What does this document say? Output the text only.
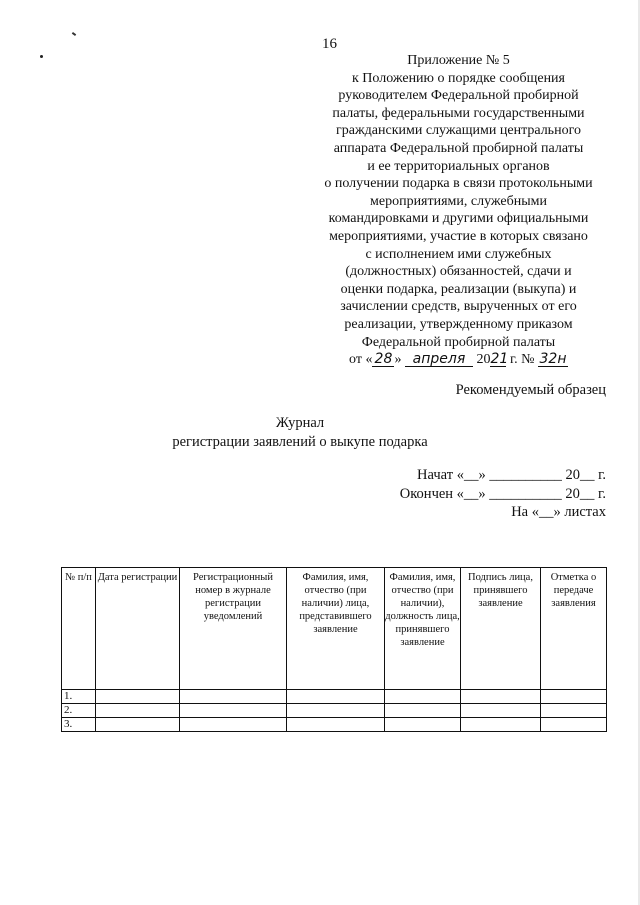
16
Приложение № 5
к Положению о порядке сообщения
руководителем Федеральной пробирной
палаты, федеральными государственными
гражданскими служащими центрального
аппарата Федеральной пробирной палаты
и ее территориальных органов
о получении подарка в связи протокольными
мероприятиями, служебными
командировками и другими официальными
мероприятиями, участие в которых связано
с исполнением ими служебных
(должностных) обязанностей, сдачи и
оценки подарка, реализации (выкупа) и
зачислении средств, вырученных от его
реализации, утвержденному приказом
Федеральной пробирной палаты
от « 28 » апреля 2021 г. № 32н
Рекомендуемый образец
Журнал
регистрации заявлений о выкупе подарка
Начат «__» __________ 20__ г.
Окончен «__» __________ 20__ г.
На «__» листах
№ п/п	Дата регистрации	Регистрационный номер в журнале регистрации уведомлений	Фамилия, имя, отчество (при наличии) лица, представившего заявление	Фамилия, имя, отчество (при наличии), должность лица, принявшего заявление	Подпись лица, принявшего заявление	Отметка о передаче заявления
1.						
2.						
3.						
